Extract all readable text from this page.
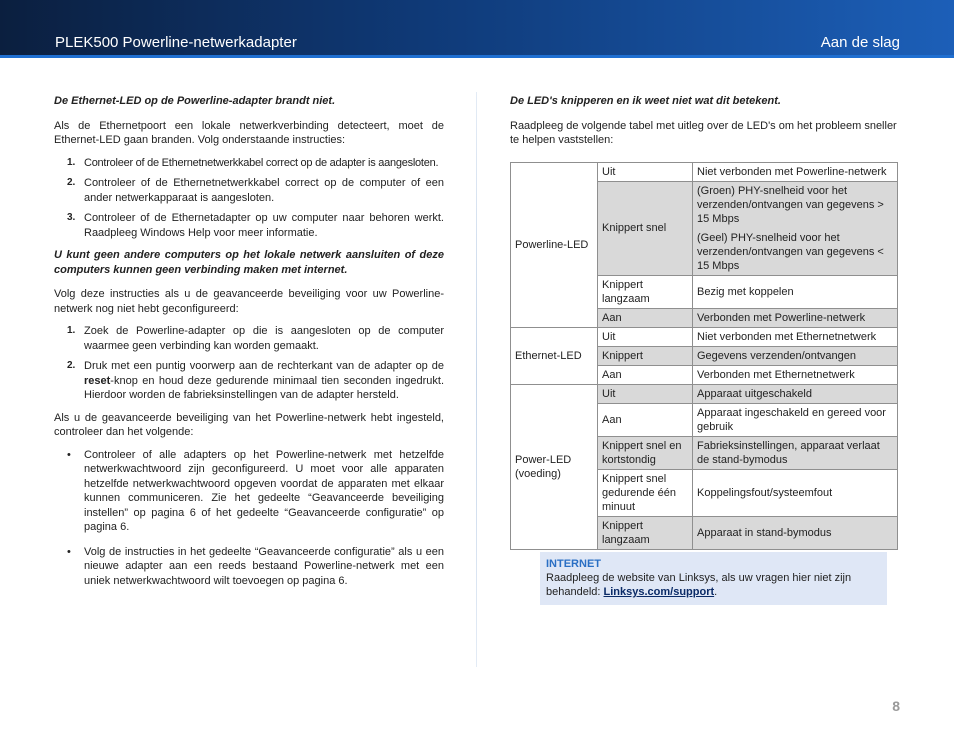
PLEK500 Powerline-netwerkadapter	Aan de slag
De Ethernet-LED op de Powerline-adapter brandt niet.

Als de Ethernetpoort een lokale netwerkverbinding detecteert, moet de Ethernet-LED gaan branden. Volg onderstaande instructies:

1. Controleer of de Ethernetnetwerkkabel correct op de adapter is aangesloten.
2. Controleer of de Ethernetnetwerkkabel correct op de computer of een ander netwerkapparaat is aangesloten.
3. Controleer of de Ethernetadapter op uw computer naar behoren werkt. Raadpleeg Windows Help voor meer informatie.
U kunt geen andere computers op het lokale netwerk aansluiten of deze computers kunnen geen verbinding maken met internet.

Volg deze instructies als u de geavanceerde beveiliging voor uw Powerline-netwerk nog niet hebt geconfigureerd:

1. Zoek de Powerline-adapter op die is aangesloten op de computer waarmee geen verbinding kan worden gemaakt.
2. Druk met een puntig voorwerp aan de rechterkant van de adapter op de reset-knop en houd deze gedurende minimaal tien seconden ingedrukt. Hierdoor worden de fabrieksinstellingen van de adapter hersteld.

Als u de geavanceerde beveiliging van het Powerline-netwerk hebt ingesteld, controleer dan het volgende:

• Controleer of alle adapters op het Powerline-netwerk met hetzelfde netwerkwachtwoord zijn geconfigureerd. U moet voor alle apparaten hetzelfde netwerkwachtwoord opgeven voordat de apparaten met elkaar kunnen communiceren. Zie het gedeelte “Geavanceerde beveiliging instellen” op pagina 6 of het gedeelte “Geavanceerde configuratie” op pagina 6.
• Volg de instructies in het gedeelte “Geavanceerde configuratie” als u een nieuwe adapter aan een reeds bestaand Powerline-netwerk met een uniek netwerkwachtwoord wilt toevoegen op pagina 6.
De LED's knipperen en ik weet niet wat dit betekent.

Raadpleeg de volgende tabel met uitleg over de LED's om het probleem sneller te helpen vaststellen:

Powerline-LED	Uit	Niet verbonden met Powerline-netwerk
	Knippert snel	(Groen) PHY-snelheid voor het verzenden/ontvangen van gegevens > 15 Mbps

(Geel) PHY-snelheid voor het verzenden/ontvangen van gegevens < 15 Mbps

	Knippert langzaam	Bezig met koppelen
	Aan	Verbonden met Powerline-netwerk
Ethernet-LED	Uit	Niet verbonden met Ethernetnetwerk
	Knippert	Gegevens verzenden/ontvangen
	Aan	Verbonden met Ethernetnetwerk
Power-LED (voeding)	Uit	Apparaat uitgeschakeld
	Aan	Apparaat ingeschakeld en gereed voor gebruik
	Knippert snel en kortstondig	Fabrieksinstellingen, apparaat verlaat de stand-bymodus
	Knippert snel gedurende één minuut	Koppelingsfout/systeemfout
	Knippert langzaam	Apparaat in stand-bymodus
INTERNET
Raadpleeg de website van Linksys, als uw vragen hier niet zijn behandeld: Linksys.com/support.
8
